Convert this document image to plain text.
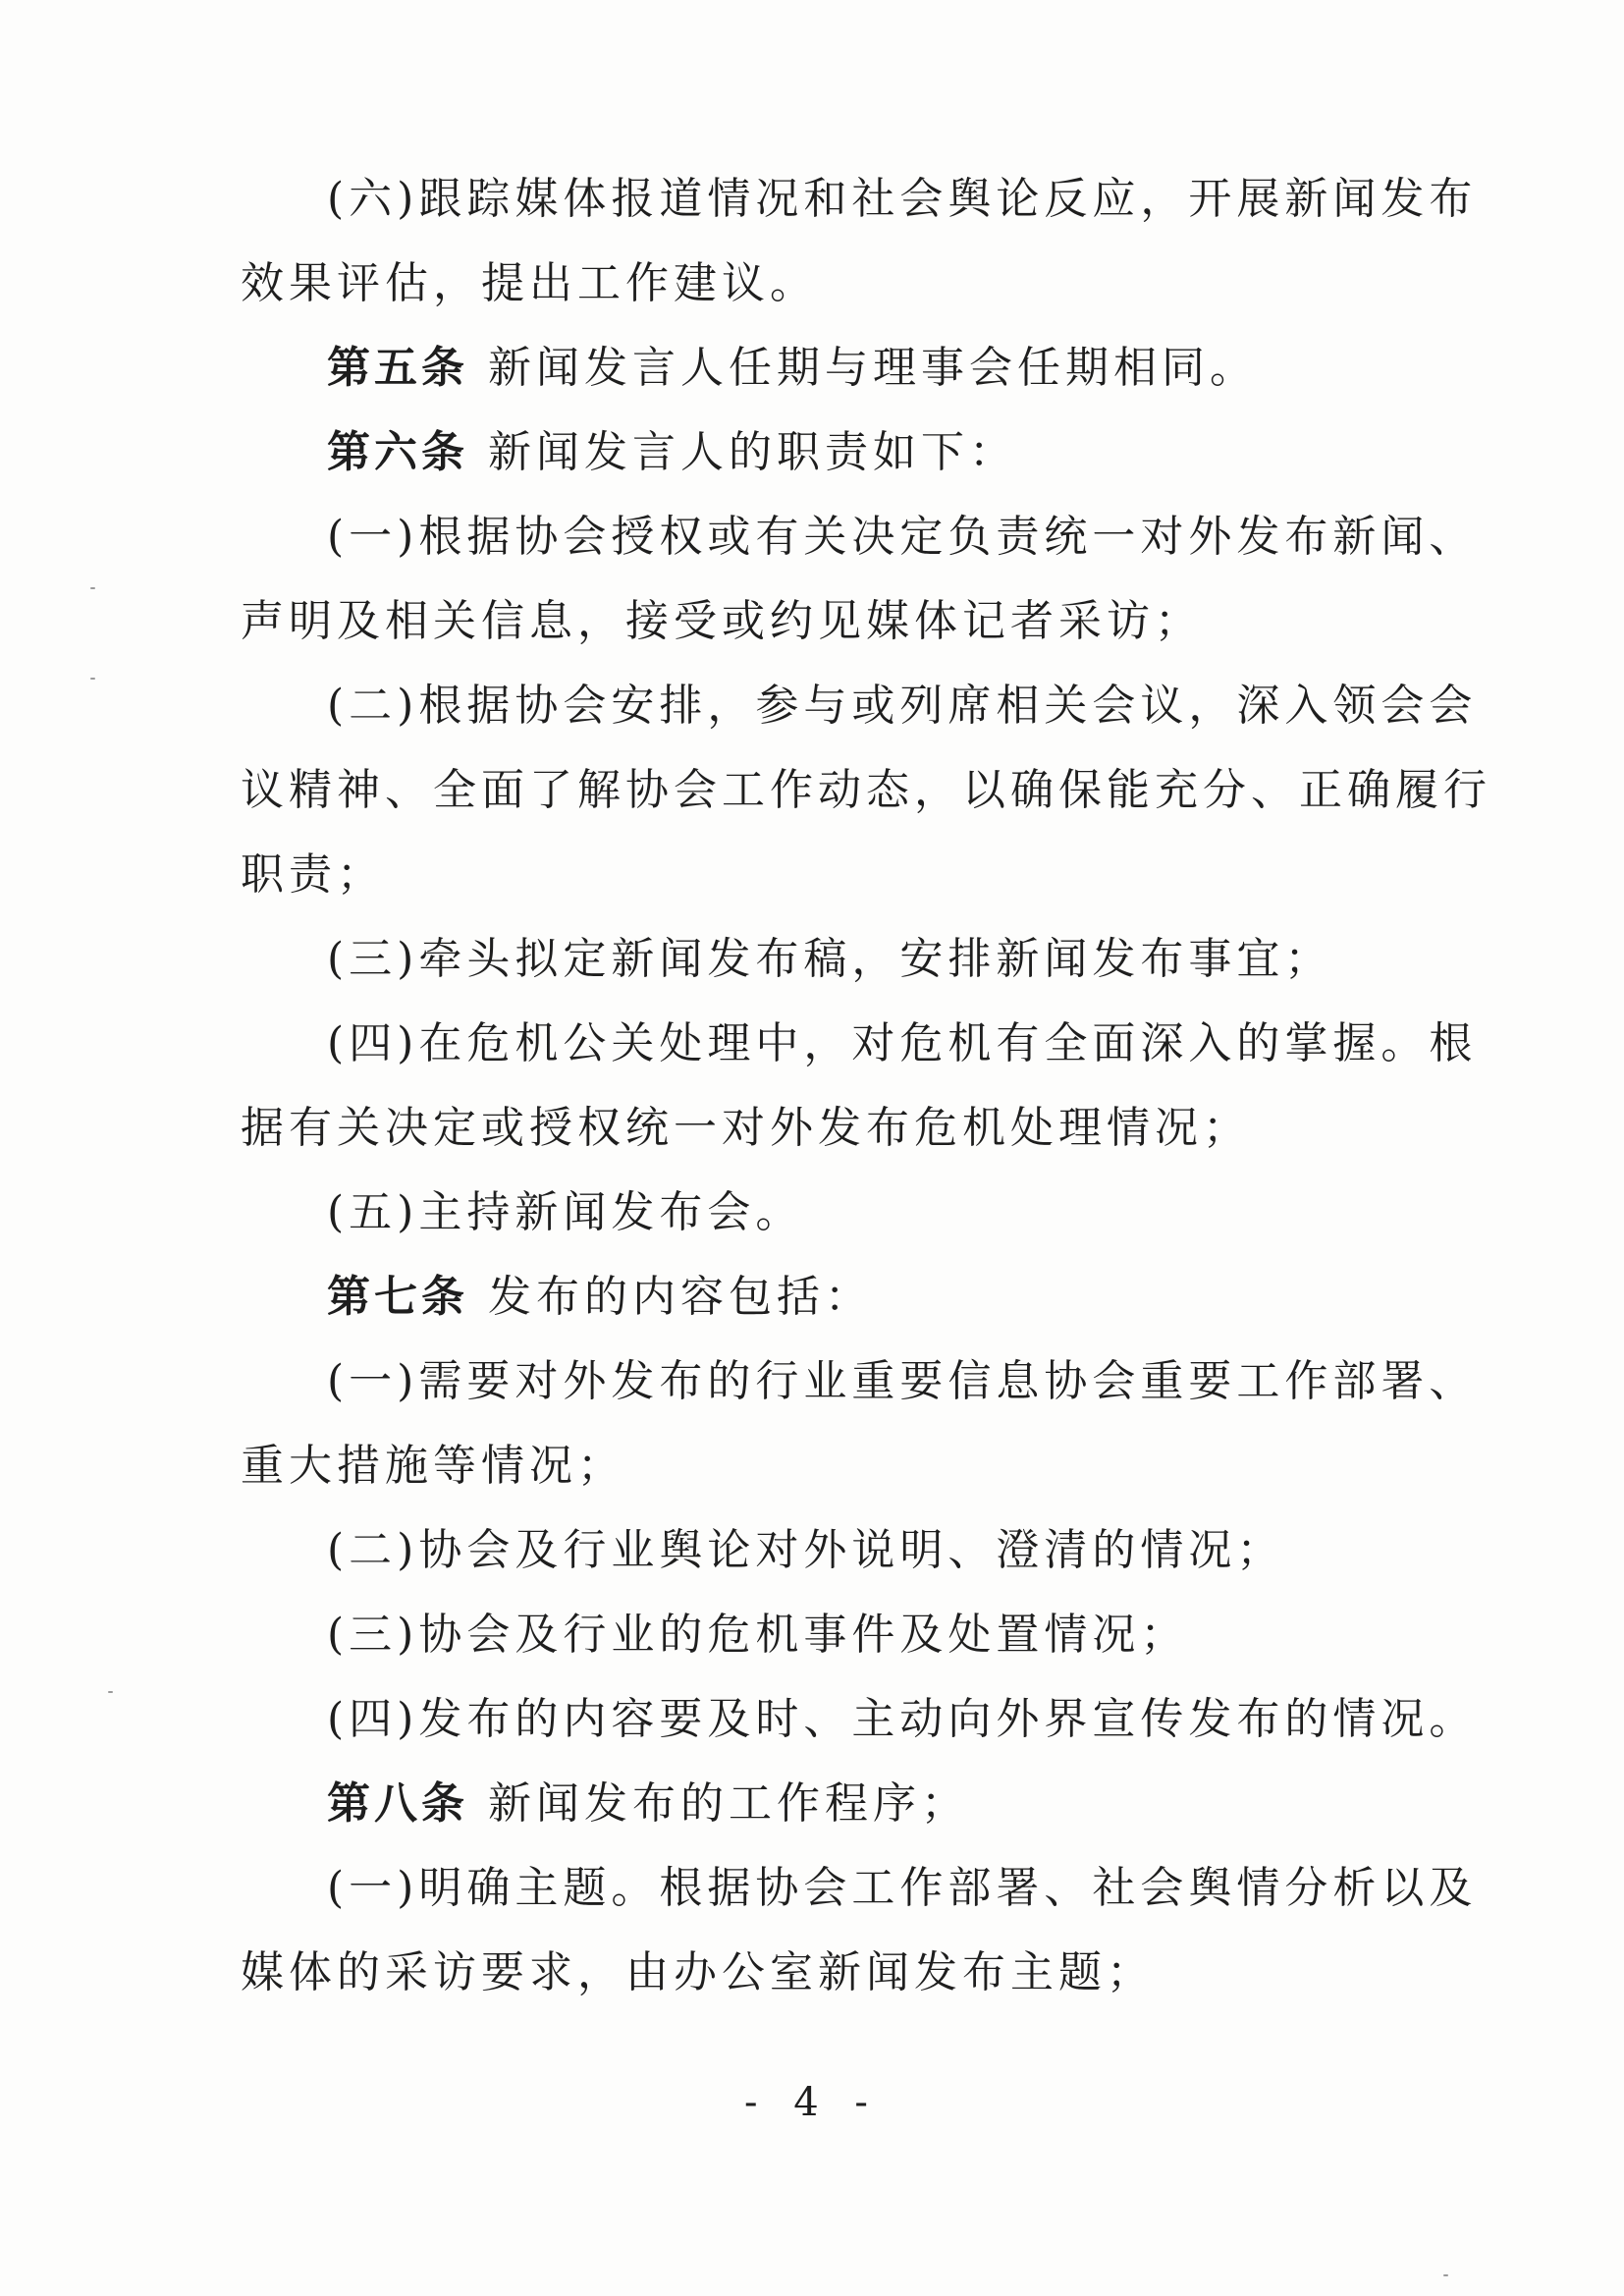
(六)跟踪媒体报道情况和社会舆论反应，开展新闻发布
效果评估，提出工作建议。
第五条 新闻发言人任期与理事会任期相同。
第六条 新闻发言人的职责如下：
(一)根据协会授权或有关决定负责统一对外发布新闻、
声明及相关信息，接受或约见媒体记者采访；
(二)根据协会安排，参与或列席相关会议，深入领会会
议精神、全面了解协会工作动态，以确保能充分、正确履行
职责；
(三)牵头拟定新闻发布稿，安排新闻发布事宜；
(四)在危机公关处理中，对危机有全面深入的掌握。根
据有关决定或授权统一对外发布危机处理情况；
(五)主持新闻发布会。
第七条 发布的内容包括：
(一)需要对外发布的行业重要信息协会重要工作部署、
重大措施等情况；
(二)协会及行业舆论对外说明、澄清的情况；
(三)协会及行业的危机事件及处置情况；
(四)发布的内容要及时、主动向外界宣传发布的情况。
第八条 新闻发布的工作程序；
(一)明确主题。根据协会工作部署、社会舆情分析以及
媒体的采访要求，由办公室新闻发布主题；
- 4 -
